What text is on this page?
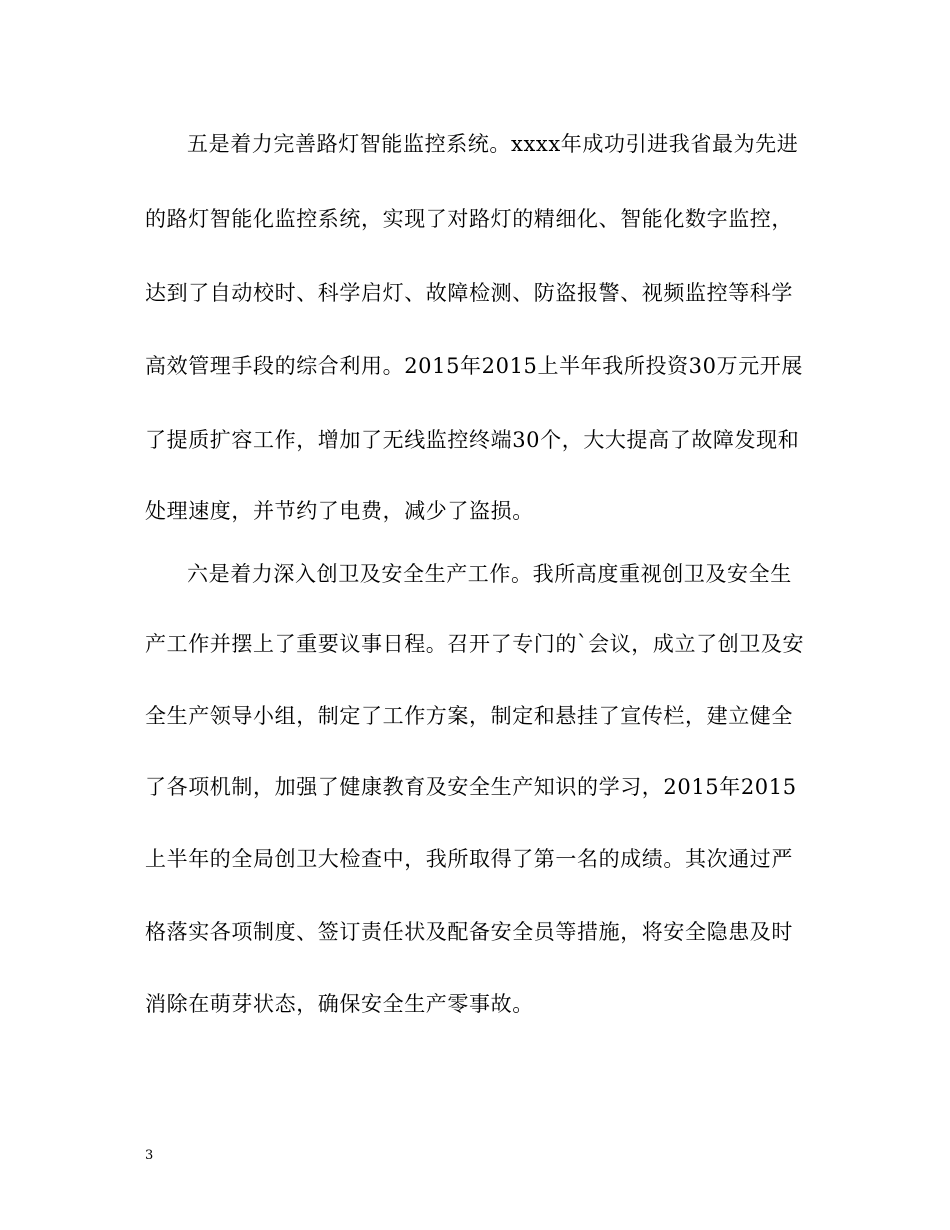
五是着力完善路灯智能监控系统。xxxx年成功引进我省最为先进
的路灯智能化监控系统，实现了对路灯的精细化、智能化数字监控，
达到了自动校时、科学启灯、故障检测、防盗报警、视频监控等科学
高效管理手段的综合利用。2015年2015上半年我所投资30万元开展
了提质扩容工作，增加了无线监控终端30个，大大提高了故障发现和
处理速度，并节约了电费，减少了盗损。
六是着力深入创卫及安全生产工作。我所高度重视创卫及安全生
产工作并摆上了重要议事日程。召开了专门的`会议，成立了创卫及安
全生产领导小组，制定了工作方案，制定和悬挂了宣传栏，建立健全
了各项机制，加强了健康教育及安全生产知识的学习，2015年2015
上半年的全局创卫大检查中，我所取得了第一名的成绩。其次通过严
格落实各项制度、签订责任状及配备安全员等措施，将安全隐患及时
消除在萌芽状态，确保安全生产零事故。
3
